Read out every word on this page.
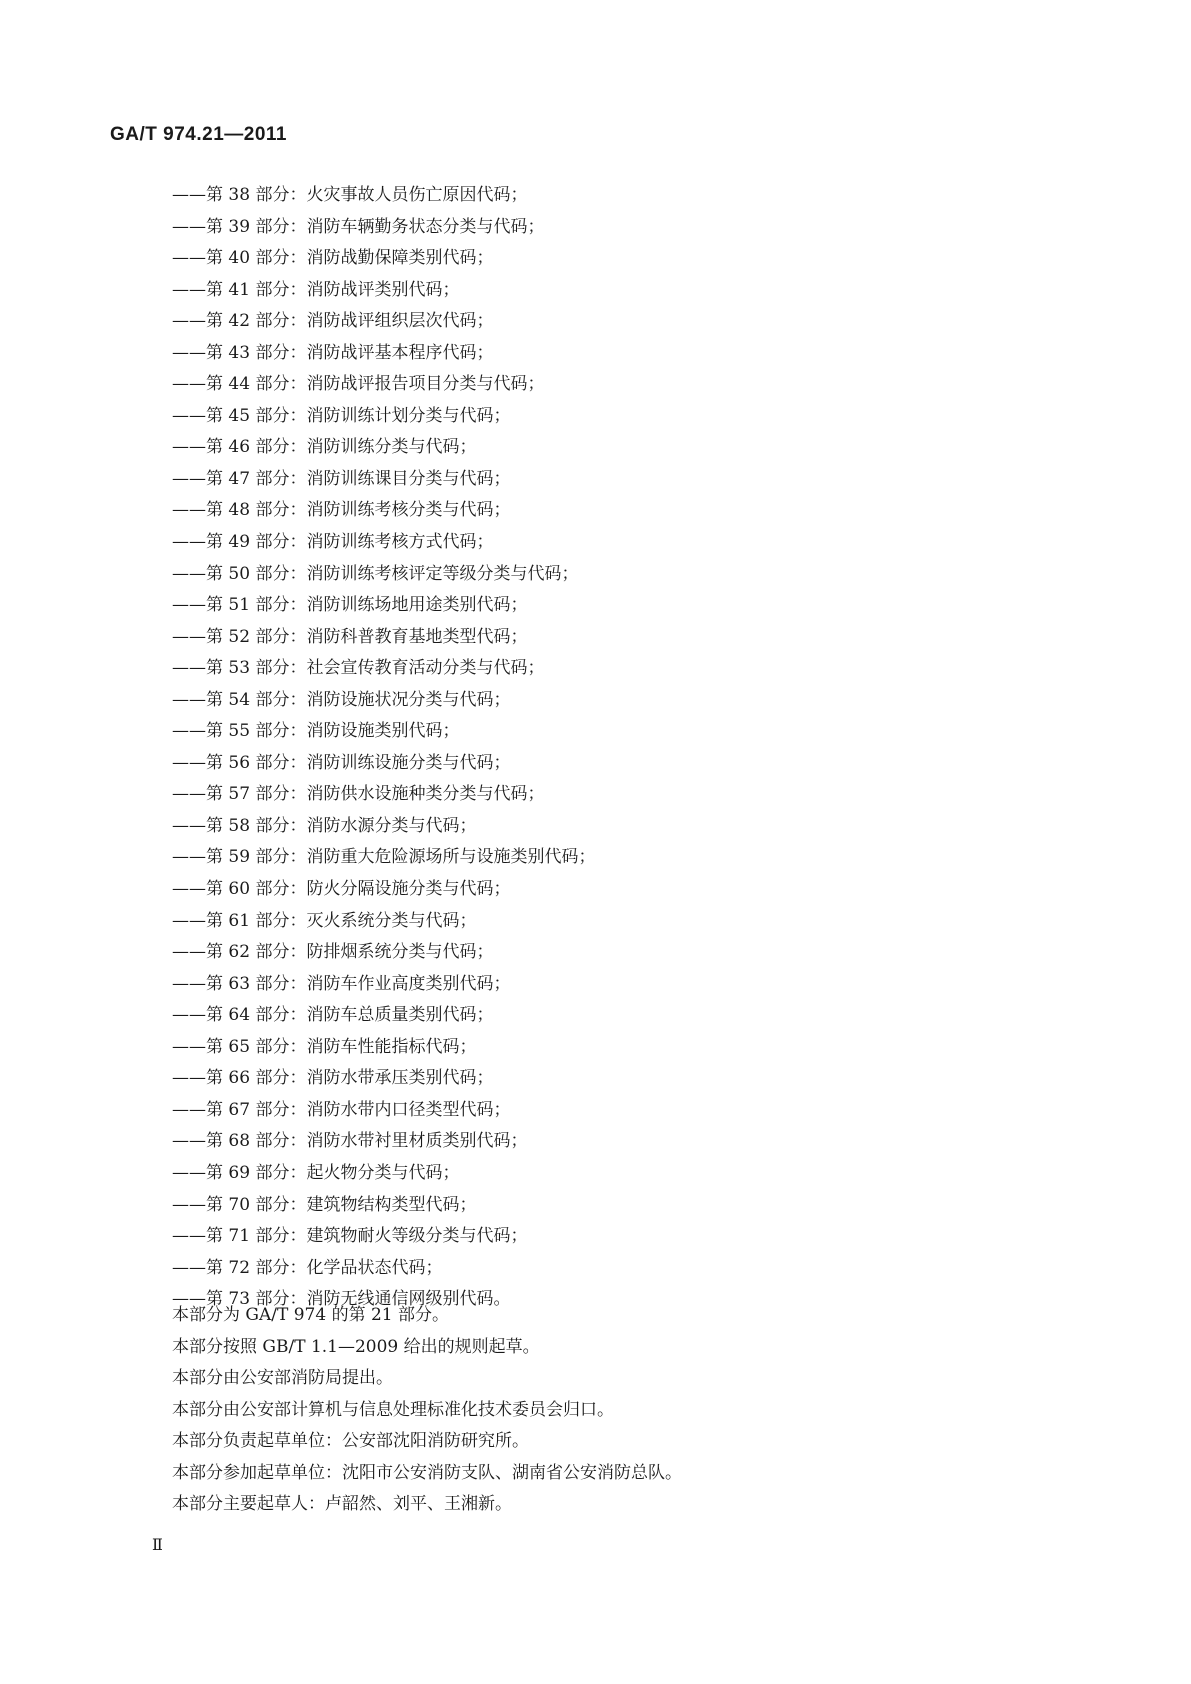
GA/T 974.21—2011
——第 38 部分：火灾事故人员伤亡原因代码；
——第 39 部分：消防车辆勤务状态分类与代码；
——第 40 部分：消防战勤保障类别代码；
——第 41 部分：消防战评类别代码；
——第 42 部分：消防战评组织层次代码；
——第 43 部分：消防战评基本程序代码；
——第 44 部分：消防战评报告项目分类与代码；
——第 45 部分：消防训练计划分类与代码；
——第 46 部分：消防训练分类与代码；
——第 47 部分：消防训练课目分类与代码；
——第 48 部分：消防训练考核分类与代码；
——第 49 部分：消防训练考核方式代码；
——第 50 部分：消防训练考核评定等级分类与代码；
——第 51 部分：消防训练场地用途类别代码；
——第 52 部分：消防科普教育基地类型代码；
——第 53 部分：社会宣传教育活动分类与代码；
——第 54 部分：消防设施状况分类与代码；
——第 55 部分：消防设施类别代码；
——第 56 部分：消防训练设施分类与代码；
——第 57 部分：消防供水设施种类分类与代码；
——第 58 部分：消防水源分类与代码；
——第 59 部分：消防重大危险源场所与设施类别代码；
——第 60 部分：防火分隔设施分类与代码；
——第 61 部分：灭火系统分类与代码；
——第 62 部分：防排烟系统分类与代码；
——第 63 部分：消防车作业高度类别代码；
——第 64 部分：消防车总质量类别代码；
——第 65 部分：消防车性能指标代码；
——第 66 部分：消防水带承压类别代码；
——第 67 部分：消防水带内口径类型代码；
——第 68 部分：消防水带衬里材质类别代码；
——第 69 部分：起火物分类与代码；
——第 70 部分：建筑物结构类型代码；
——第 71 部分：建筑物耐火等级分类与代码；
——第 72 部分：化学品状态代码；
——第 73 部分：消防无线通信网级别代码。

本部分为 GA/T 974 的第 21 部分。

本部分按照 GB/T 1.1—2009 给出的规则起草。

本部分由公安部消防局提出。

本部分由公安部计算机与信息处理标准化技术委员会归口。

本部分负责起草单位：公安部沈阳消防研究所。

本部分参加起草单位：沈阳市公安消防支队、湖南省公安消防总队。

本部分主要起草人：卢韶然、刘平、王湘新。

Ⅱ
